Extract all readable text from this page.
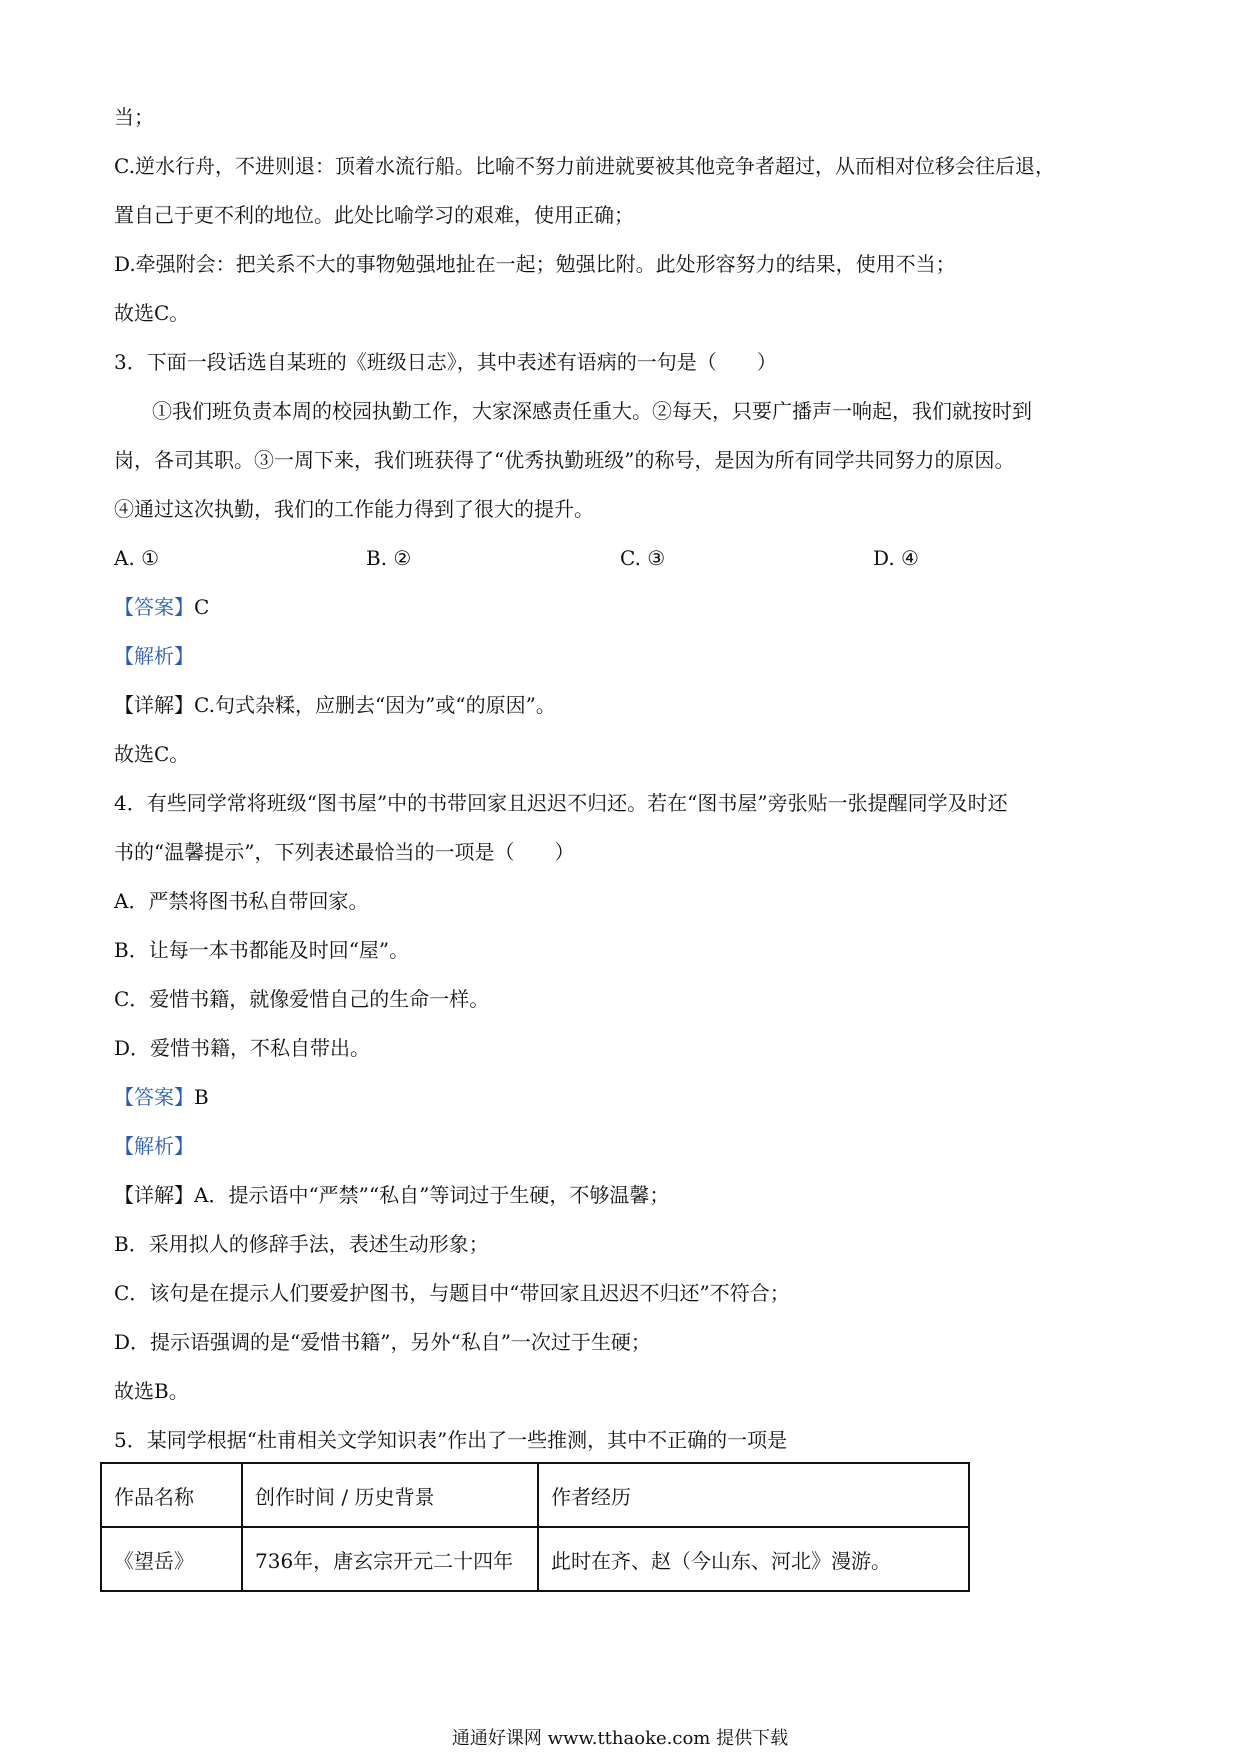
当；
C.逆水行舟，不进则退：顶着水流行船。比喻不努力前进就要被其他竞争者超过，从而相对位移会往后退，
置自己于更不利的地位。此处比喻学习的艰难，使用正确；
D.牵强附会：把关系不大的事物勉强地扯在一起；勉强比附。此处形容努力的结果，使用不当；
故选C。
3．下面一段话选自某班的《班级日志》，其中表述有语病的一句是（　　）
①我们班负责本周的校园执勤工作，大家深感责任重大。②每天，只要广播声一响起，我们就按时到
岗，各司其职。③一周下来，我们班获得了“优秀执勤班级”的称号，是因为所有同学共同努力的原因。
④通过这次执勤，我们的工作能力得到了很大的提升。
A. ①	B. ②	C. ③	D. ④
【答案】C
【解析】
【详解】C.句式杂糅，应删去“因为”或“的原因”。
故选C。
4．有些同学常将班级“图书屋”中的书带回家且迟迟不归还。若在“图书屋”旁张贴一张提醒同学及时还
书的“温馨提示”，下列表述最恰当的一项是（　　）
A．严禁将图书私自带回家。
B．让每一本书都能及时回“屋”。
C．爱惜书籍，就像爱惜自己的生命一样。
D．爱惜书籍，不私自带出。
【答案】B
【解析】
【详解】A．提示语中“严禁”“私自”等词过于生硬，不够温馨；
B．采用拟人的修辞手法，表述生动形象；
C．该句是在提示人们要爱护图书，与题目中“带回家且迟迟不归还”不符合；
D．提示语强调的是“爱惜书籍”，另外“私自”一次过于生硬；
故选B。
5．某同学根据“杜甫相关文学知识表”作出了一些推测，其中不正确的一项是
作品名称	创作时间 / 历史背景	作者经历
《望岳》	736年，唐玄宗开元二十四年	此时在齐、赵（今山东、河北》漫游。
通通好课网 www.tthaoke.com 提供下载
